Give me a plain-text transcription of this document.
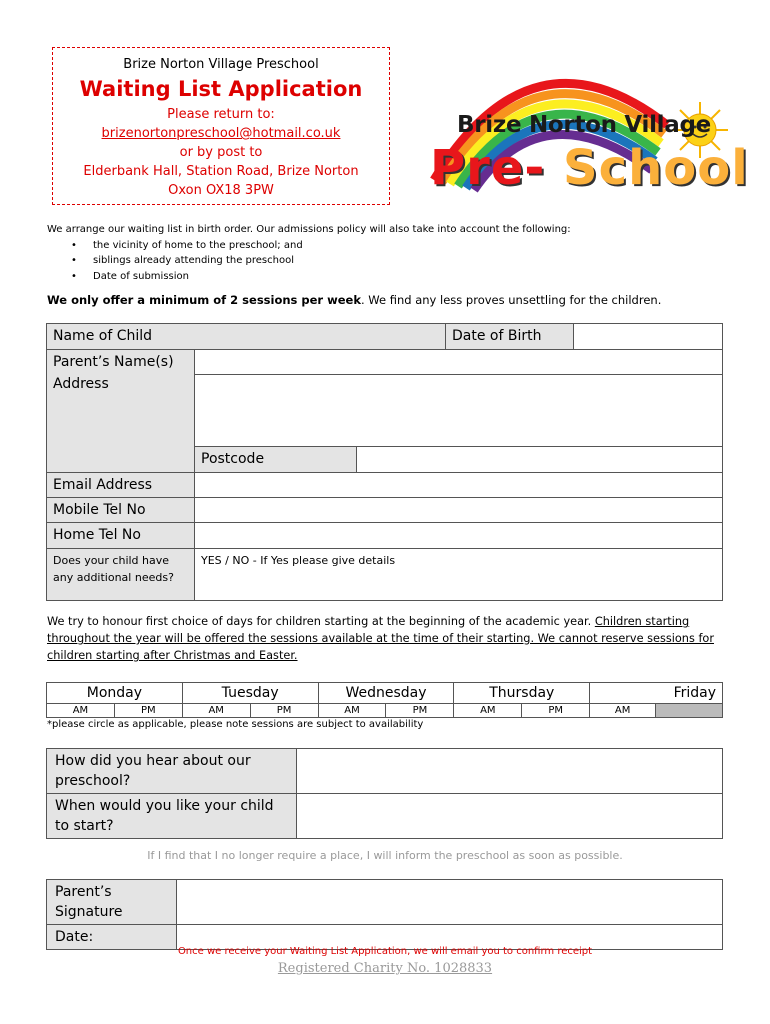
Brize Norton Village Preschool
Waiting List Application
Please return to:
brizenortonpreschool@hotmail.co.uk
or by post to
Elderbank Hall, Station Road, Brize Norton
Oxon OX18 3PW
Brize Norton Village
Pre- School
We arrange our waiting list in birth order. Our admissions policy will also take into account the following:
• the vicinity of home to the preschool; and
• siblings already attending the preschool
• Date of submission
We only offer a minimum of 2 sessions per week. We find any less proves unsettling for the children.
Name of Child			Date of Birth	

Parent’s Name(s)
Address				

	Postcode			
Email Address				
Mobile Tel No				
Home Tel No				

Does your child have
any additional needs?	YES / NO - If Yes please give details			
We try to honour first choice of days for children starting at the beginning of the academic year. Children starting throughout the year will be offered the sessions available at the time of their starting. We cannot reserve sessions for children starting after Christmas and Easter.
Monday		Tuesday		Wednesday		Thursday		Friday	
AM	PM	AM	PM	AM	PM	AM	PM	AM	
*please circle as applicable, please note sessions are subject to availability
How did you hear about our preschool?	
When would you like your child to start?	
If I find that I no longer require a place, I will inform the preschool as soon as possible.
Parent’s Signature	
Date:	
Once we receive your Waiting List Application, we will email you to confirm receipt
Registered Charity No. 1028833
